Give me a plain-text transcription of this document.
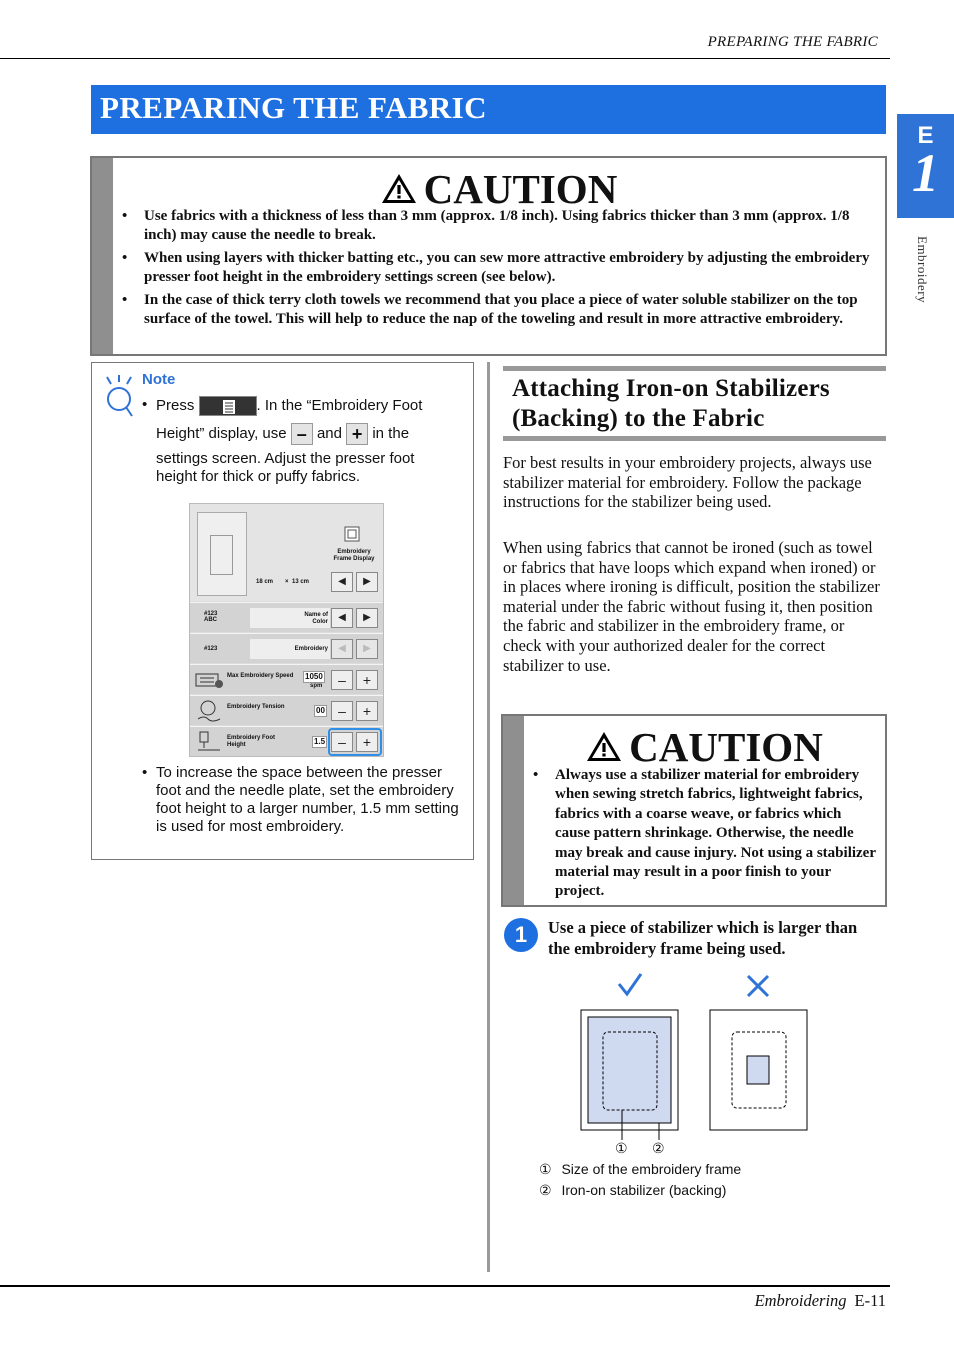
PREPARING THE FABRIC
E
1
Embroidery
PREPARING THE FABRIC
CAUTION
• Use fabrics with a thickness of less than 3 mm (approx. 1/8 inch). Using fabrics thicker than 3 mm (approx. 1/8 inch) may cause the needle to break.
• When using layers with thicker batting etc., you can sew more attractive embroidery by adjusting the embroidery presser foot height in the embroidery settings screen (see below).
• In the case of thick terry cloth towels we recommend that you place a piece of water soluble stabilizer on the top surface of the towel. This will help to reduce the nap of the toweling and result in more attractive embroidery.
Note
• Press	. In the “Embroidery Foot
Height” display, use – and + in the
settings screen. Adjust the presser foot
height for thick or puffy fabrics.
Embroidery Frame Display
18 cm × 13 cm	◀	▶
#123 ABC
Name of Color	◀	▶
#123	Embroidery	◀	▶
Max Embroidery Speed	1050
spm	–	+
Embroidery Tension	00 –	+
Embroidery Foot Height	1.5 –	+
• To increase the space between the presser foot and the needle plate, set the embroidery foot height to a larger number, 1.5 mm setting is used for most embroidery.
Attaching Iron-on Stabilizers (Backing) to the Fabric
For best results in your embroidery projects, always use stabilizer material for embroidery. Follow the package instructions for the stabilizer being used.
When using fabrics that cannot be ironed (such as towel or fabrics that have loops which expand when ironed) or in places where ironing is difficult, position the stabilizer material under the fabric without fusing it, then position the fabric and stabilizer in the embroidery frame, or check with your authorized dealer for the correct stabilizer to use.
CAUTION
• Always use a stabilizer material for embroidery when sewing stretch fabrics, lightweight fabrics, fabrics with a coarse weave, or fabrics which cause pattern shrinkage. Otherwise, the needle may break and cause injury. Not using a stabilizer material may result in a poor finish to your project.
1	Use a piece of stabilizer which is larger than the embroidery frame being used.
① ②
① Size of the embroidery frame
② Iron-on stabilizer (backing)
Embroidering E-11
